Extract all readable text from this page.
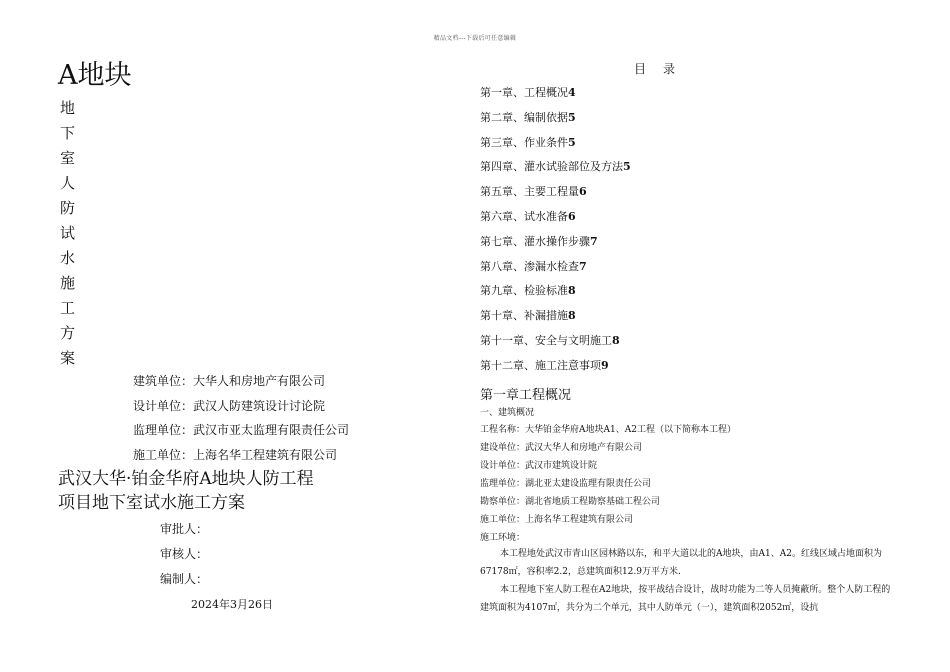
精品文档---下载后可任意编辑
A地块
地
下
室
人
防
试
水
施
工
方
案
建筑单位：大华人和房地产有限公司
设计单位：武汉人防建筑设计讨论院
监理单位：武汉市亚太监理有限责任公司
施工单位：上海名华工程建筑有限公司
武汉大华·铂金华府A地块人防工程
项目地下室试水施工方案
审批人：
审核人：
编制人：
2024年3月26日
目 录
第一章、工程概况4
第二章、编制依据5
第三章、作业条件5
第四章、灌水试验部位及方法5
第五章、主要工程量6
第六章、试水准备6
第七章、灌水操作步骤7
第八章、渗漏水检查7
第九章、检验标准8
第十章、补漏措施8
第十一章、安全与文明施工8
第十二章、施工注意事项9
第一章工程概况
一、建筑概况
工程名称：大华铂金华府A地块A1、A2工程（以下简称本工程）
建设单位：武汉大华人和房地产有限公司
设计单位：武汉市建筑设计院
监理单位：湖北亚太建设监理有限责任公司
勘察单位：湖北省地质工程勘察基础工程公司
施工单位：上海名华工程建筑有限公司
施工环境：
本工程地处武汉市青山区园林路以东，和平大道以北的A地块，由A1、A2。红线区域占地面积为67178㎡，容积率2.2，总建筑面积12.9万平方米.
本工程地下室人防工程在A2地块，按平战结合设计，战时功能为二等人员掩蔽所。整个人防工程的建筑面积为4107㎡，共分为二个单元，其中人防单元（一），建筑面积2052㎡，设抗
